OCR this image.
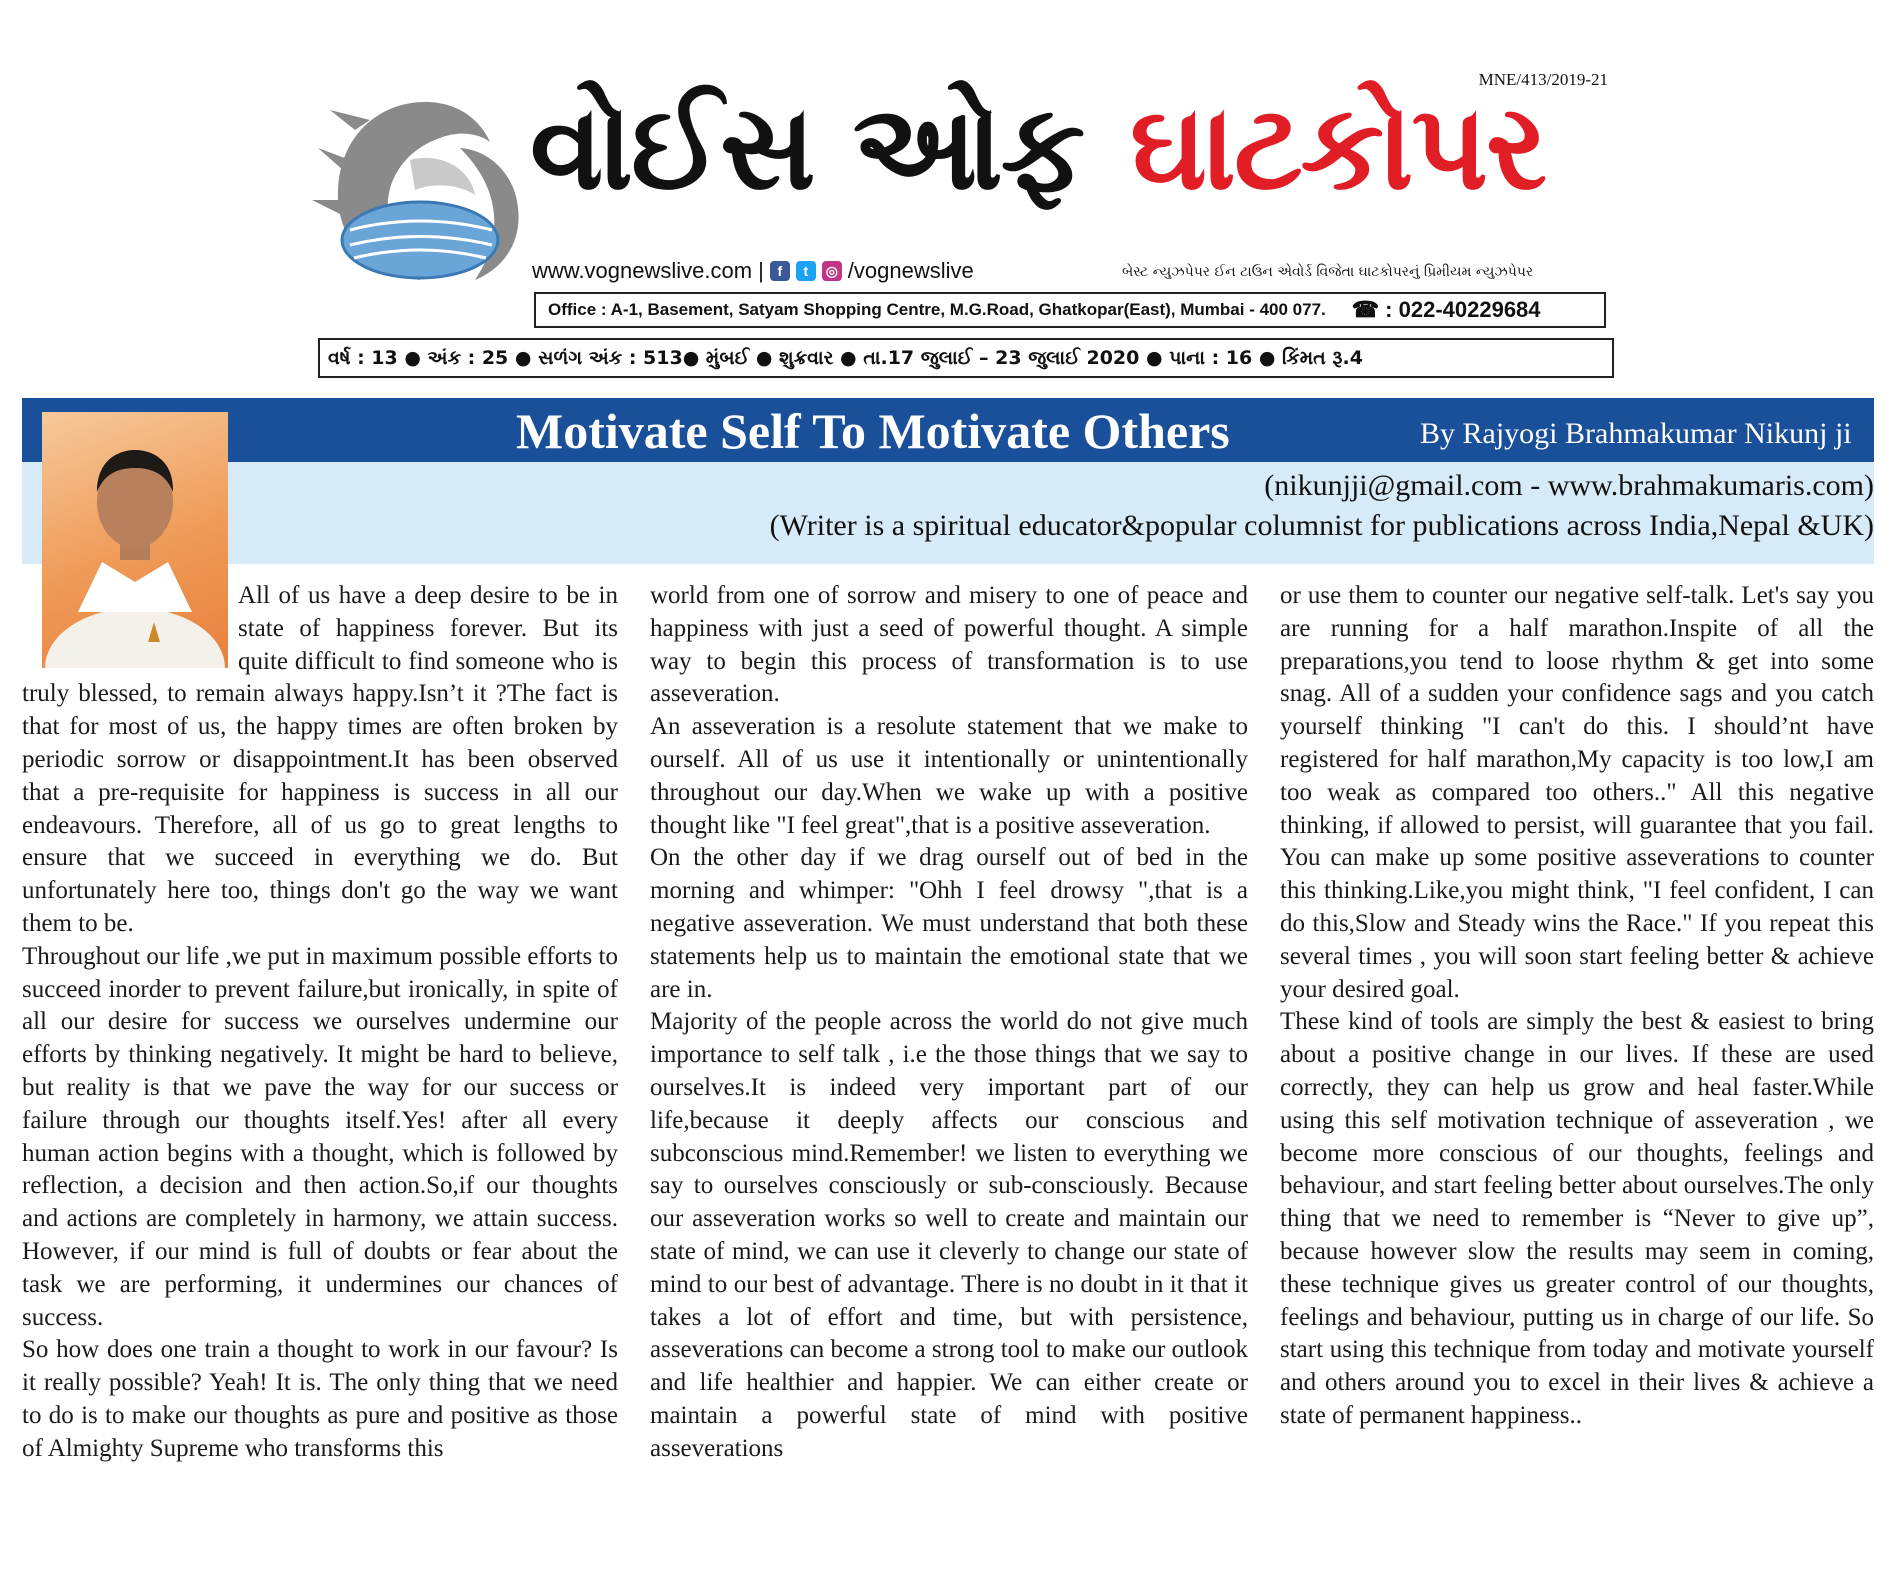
MNE/413/2019-21
વોઈસ ઓફ ઘાટકોપર
www.vognewslive.com | f	t	◎ /vognewslive	બેસ્ટ ન્યુઝપેપર ઈન ટાઉન એવોર્ડ વિજેતા ઘાટકોપરનું પ્રિમીયમ ન્યુઝપેપર
Office : A-1, Basement, Satyam Shopping Centre, M.G.Road, Ghatkopar(East), Mumbai - 400 077. ☎ : 022-40229684
વર્ષ : 13 ● અંક : 25 ● સળંગ અંક : 513● મુંબઈ ● શુક્રવાર ● તા.17 જુલાઈ – 23 જુલાઈ 2020 ● પાના : 16 ● કિંમત રૂ.4
Motivate Self To Motivate Others	By Rajyogi Brahmakumar Nikunj ji
(nikunjji@gmail.com - www.brahmakumaris.com)
(Writer is a spiritual educator&popular columnist for publications across India,Nepal &UK)

All of us have a deep desire to be in state of happiness forever. But its quite difficult to find someone who is truly blessed, to remain always happy.Isn’t it ?The fact is that for most of us, the happy times are often broken by periodic sorrow or disappointment.It has been observed that a pre-requisite for happiness is success in all our endeavours. Therefore, all of us go to great lengths to ensure that we succeed in everything we do. But unfortunately here too, things don't go the way we want them to be.

Throughout our life ,we put in maximum possible efforts to succeed inorder to prevent failure,but ironically, in spite of all our desire for success we ourselves undermine our efforts by thinking negatively. It might be hard to believe, but reality is that we pave the way for our success or failure through our thoughts itself.Yes! after all every human action begins with a thought, which is followed by reflection, a decision and then action.So,if our thoughts and actions are completely in harmony, we attain success. However, if our mind is full of doubts or fear about the task we are performing, it undermines our chances of success.

So how does one train a thought to work in our favour? Is it really possible? Yeah! It is. The only thing that we need to do is to make our thoughts as pure and positive as those of Almighty Supreme who transforms this

world from one of sorrow and misery to one of peace and happiness with just a seed of powerful thought. A simple way to begin this process of transformation is to use asseveration.

An asseveration is a resolute statement that we make to ourself. All of us use it intentionally or unintentionally throughout our day.When we wake up with a positive thought like "I feel great",that is a positive asseveration.

On the other day if we drag ourself out of bed in the morning and whimper: "Ohh I feel drowsy ",that is a negative asseveration. We must understand that both these statements help us to maintain the emotional state that we are in.

Majority of the people across the world do not give much importance to self talk , i.e the those things that we say to ourselves.It is indeed very important part of our life,because it deeply affects our conscious and subconscious mind.Remember! we listen to everything we say to ourselves consciously or sub-consciously. Because our asseveration works so well to create and maintain our state of mind, we can use it cleverly to change our state of mind to our best of advantage. There is no doubt in it that it takes a lot of effort and time, but with persistence, asseverations can become a strong tool to make our outlook and life healthier and happier. We can either create or maintain a powerful state of mind with positive asseverations

or use them to counter our negative self-talk. Let's say you are running for a half marathon.Inspite of all the preparations,you tend to loose rhythm & get into some snag. All of a sudden your confidence sags and you catch yourself thinking "I can't do this. I should’nt have registered for half marathon,My capacity is too low,I am too weak as compared too others.." All this negative thinking, if allowed to persist, will guarantee that you fail. You can make up some positive asseverations to counter this thinking.Like,you might think, "I feel confident, I can do this,Slow and Steady wins the Race." If you repeat this several times , you will soon start feeling better & achieve your desired goal.

These kind of tools are simply the best & easiest to bring about a positive change in our lives. If these are used correctly, they can help us grow and heal faster.While using this self motivation technique of asseveration , we become more conscious of our thoughts, feelings and behaviour, and start feeling better about ourselves.The only thing that we need to remember is “Never to give up”, because however slow the results may seem in coming, these technique gives us greater control of our thoughts, feelings and behaviour, putting us in charge of our life. So start using this technique from today and motivate yourself and others around you to excel in their lives & achieve a state of permanent happiness..
